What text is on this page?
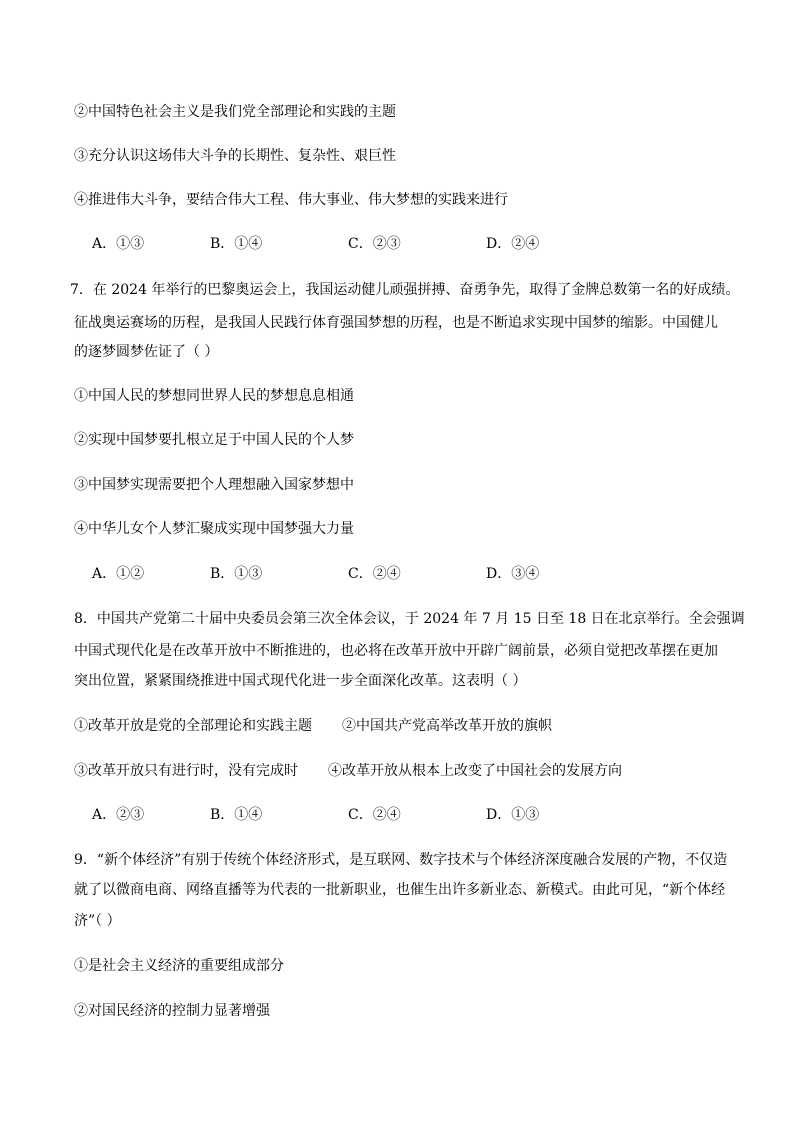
②中国特色社会主义是我们党全部理论和实践的主题
③充分认识这场伟大斗争的长期性、复杂性、艰巨性
④推进伟大斗争，要结合伟大工程、伟大事业、伟大梦想的实践来进行
A．①③	B．①④	C．②③	D．②④
7．在 2024 年举行的巴黎奥运会上，我国运动健儿顽强拼搏、奋勇争先，取得了金牌总数第一名的好成绩。
征战奥运赛场的历程，是我国人民践行体育强国梦想的历程，也是不断追求实现中国梦的缩影。中国健儿
的逐梦圆梦佐证了（ ）
①中国人民的梦想同世界人民的梦想息息相通
②实现中国梦要扎根立足于中国人民的个人梦
③中国梦实现需要把个人理想融入国家梦想中
④中华儿女个人梦汇聚成实现中国梦强大力量
A．①②	B．①③	C．②④	D．③④
8．中国共产党第二十届中央委员会第三次全体会议，于 2024 年 7 月 15 日至 18 日在北京举行。全会强调
中国式现代化是在改革开放中不断推进的，也必将在改革开放中开辟广阔前景，必须自觉把改革摆在更加
突出位置，紧紧围绕推进中国式现代化进一步全面深化改革。这表明（ ）
①改革开放是党的全部理论和实践主题 ②中国共产党高举改革开放的旗帜
③改革开放只有进行时，没有完成时 ④改革开放从根本上改变了中国社会的发展方向
A．②③	B．①④	C．②④	D．①③
9．“新个体经济”有别于传统个体经济形式，是互联网、数字技术与个体经济深度融合发展的产物，不仅造
就了以微商电商、网络直播等为代表的一批新职业，也催生出许多新业态、新模式。由此可见，“新个体经
济”（ ）
①是社会主义经济的重要组成部分
②对国民经济的控制力显著增强
